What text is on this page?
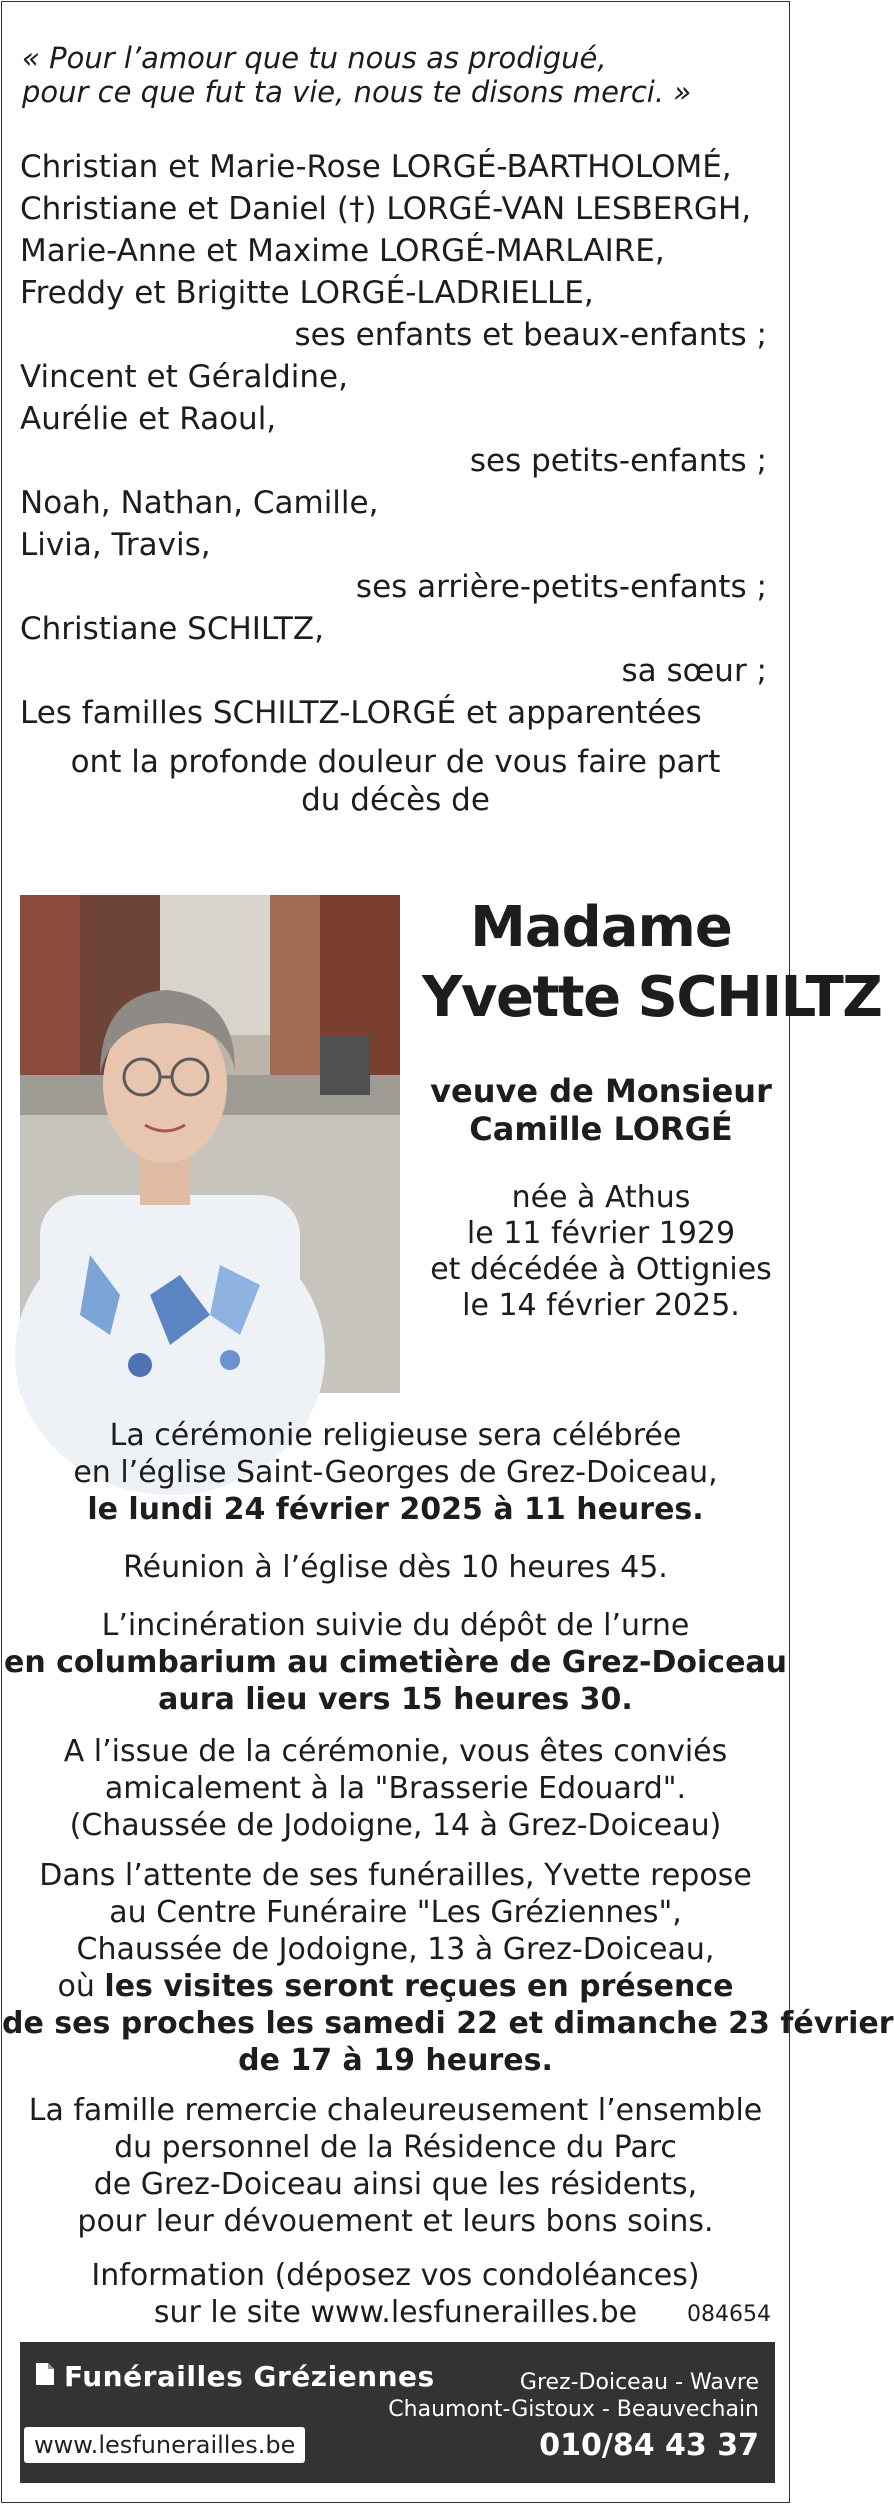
« Pour l’amour que tu nous as prodigué,
pour ce que fut ta vie, nous te disons merci. »
Christian et Marie-Rose LORGÉ-BARTHOLOMÉ,
Christiane et Daniel (†) LORGÉ-VAN LESBERGH,
Marie-Anne et Maxime LORGÉ-MARLAIRE,
Freddy et Brigitte LORGÉ-LADRIELLE,
ses enfants et beaux-enfants ;
Vincent et Géraldine,
Aurélie et Raoul,
ses petits-enfants ;
Noah, Nathan, Camille,
Livia, Travis,
ses arrière-petits-enfants ;
Christiane SCHILTZ,
sa sœur ;
Les familles SCHILTZ-LORGÉ et apparentées
ont la profonde douleur de vous faire part
du décès de
Madame
Yvette SCHILTZ
veuve de Monsieur
Camille LORGÉ
née à Athus
le 11 février 1929
et décédée à Ottignies
le 14 février 2025.
La cérémonie religieuse sera célébrée
en l’église Saint-Georges de Grez-Doiceau,
le lundi 24 février 2025 à 11 heures.
Réunion à l’église dès 10 heures 45.
L’incinération suivie du dépôt de l’urne
en columbarium au cimetière de Grez-Doiceau
aura lieu vers 15 heures 30.
A l’issue de la cérémonie, vous êtes conviés
amicalement à la "Brasserie Edouard".
(Chaussée de Jodoigne, 14 à Grez-Doiceau)
Dans l’attente de ses funérailles, Yvette repose
au Centre Funéraire "Les Gréziennes",
Chaussée de Jodoigne, 13 à Grez-Doiceau,
où les visites seront reçues en présence
de ses proches les samedi 22 et dimanche 23 février
de 17 à 19 heures.
La famille remercie chaleureusement l’ensemble
du personnel de la Résidence du Parc
de Grez-Doiceau ainsi que les résidents,
pour leur dévouement et leurs bons soins.
Information (déposez vos condoléances)
sur le site www.lesfunerailles.be	084654
Funérailles Gréziennes	Grez-Doiceau - Wavre
Chaumont-Gistoux - Beauvechain
010/84 43 37
www.lesfunerailles.be
